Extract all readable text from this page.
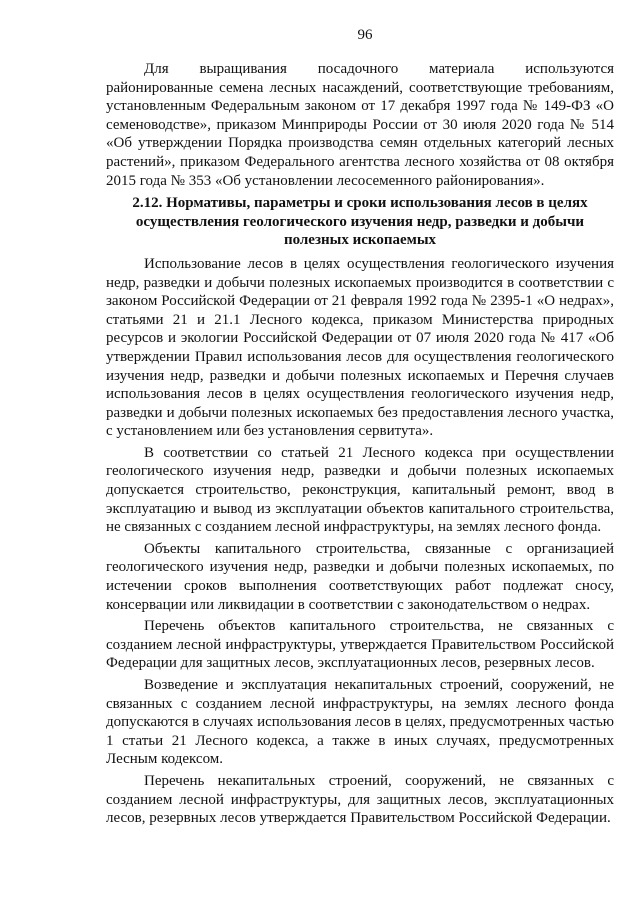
96

Для выращивания посадочного материала используются районированные семена лесных насаждений, соответствующие требованиям, установленным Федеральным законом от 17 декабря 1997 года № 149-ФЗ «О семеноводстве», приказом Минприроды России от 30 июля 2020 года № 514 «Об утверждении Порядка производства семян отдельных категорий лесных растений», приказом Федерального агентства лесного хозяйства от 08 октября 2015 года № 353 «Об установлении лесосеменного районирования».

2.12. Нормативы, параметры и сроки использования лесов в целях осуществления геологического изучения недр, разведки и добычи полезных ископаемых

Использование лесов в целях осуществления геологического изучения недр, разведки и добычи полезных ископаемых производится в соответствии с законом Российской Федерации от 21 февраля 1992 года № 2395-1 «О недрах», статьями 21 и 21.1 Лесного кодекса, приказом Министерства природных ресурсов и экологии Российской Федерации от 07 июля 2020 года № 417 «Об утверждении Правил использования лесов для осуществления геологического изучения недр, разведки и добычи полезных ископаемых и Перечня случаев использования лесов в целях осуществления геологического изучения недр, разведки и добычи полезных ископаемых без предоставления лесного участка, с установлением или без установления сервитута».

В соответствии со статьей 21 Лесного кодекса при осуществлении геологического изучения недр, разведки и добычи полезных ископаемых допускается строительство, реконструкция, капитальный ремонт, ввод в эксплуатацию и вывод из эксплуатации объектов капитального строительства, не связанных с созданием лесной инфраструктуры, на землях лесного фонда.

Объекты капитального строительства, связанные с организацией геологического изучения недр, разведки и добычи полезных ископаемых, по истечении сроков выполнения соответствующих работ подлежат сносу, консервации или ликвидации в соответствии с законодательством о недрах.

Перечень объектов капитального строительства, не связанных с созданием лесной инфраструктуры, утверждается Правительством Российской Федерации для защитных лесов, эксплуатационных лесов, резервных лесов.

Возведение и эксплуатация некапитальных строений, сооружений, не связанных с созданием лесной инфраструктуры, на землях лесного фонда допускаются в случаях использования лесов в целях, предусмотренных частью 1 статьи 21 Лесного кодекса, а также в иных случаях, предусмотренных Лесным кодексом.

Перечень некапитальных строений, сооружений, не связанных с созданием лесной инфраструктуры, для защитных лесов, эксплуатационных лесов, резервных лесов утверждается Правительством Российской Федерации.
